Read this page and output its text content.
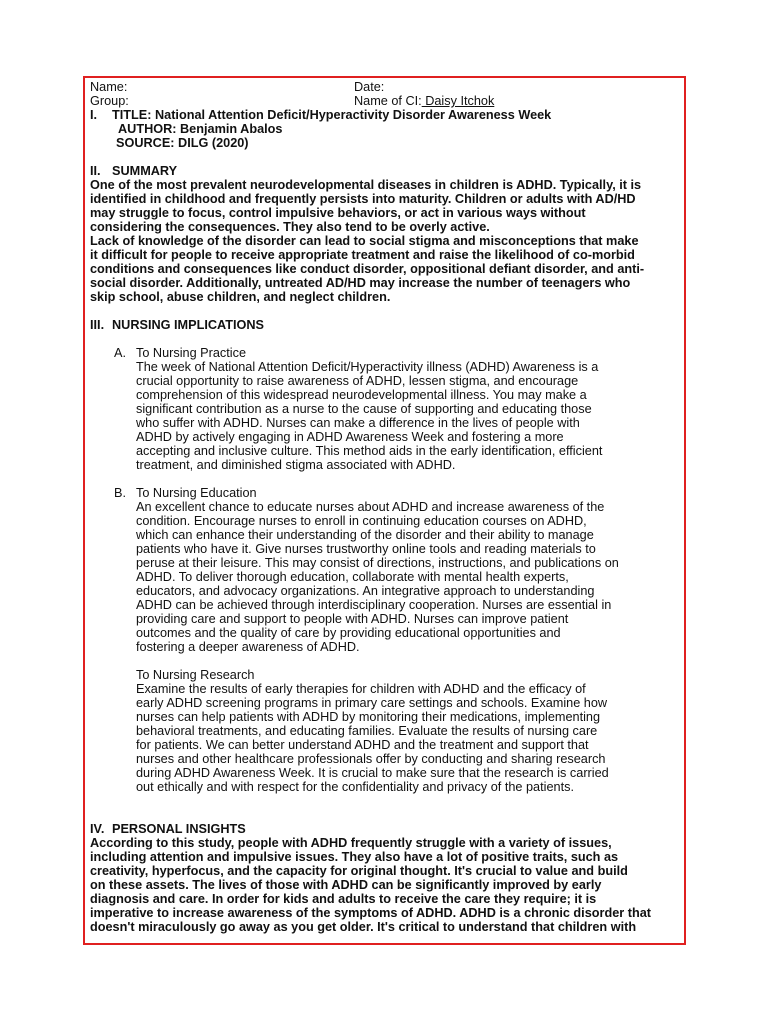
Name:	Date:
Group:	Name of CI: Daisy Itchok
I.	TITLE: National Attention Deficit/Hyperactivity Disorder Awareness Week
AUTHOR: Benjamin Abalos
SOURCE: DILG (2020)
II. SUMMARY
One of the most prevalent neurodevelopmental diseases in children is ADHD. Typically, it is
identified in childhood and frequently persists into maturity. Children or adults with AD/HD
may struggle to focus, control impulsive behaviors, or act in various ways without
considering the consequences. They also tend to be overly active.
Lack of knowledge of the disorder can lead to social stigma and misconceptions that make
it difficult for people to receive appropriate treatment and raise the likelihood of co-morbid
conditions and consequences like conduct disorder, oppositional defiant disorder, and anti-
social disorder. Additionally, untreated AD/HD may increase the number of teenagers who
skip school, abuse children, and neglect children.
III. NURSING IMPLICATIONS
A. To Nursing Practice
The week of National Attention Deficit/Hyperactivity illness (ADHD) Awareness is a
crucial opportunity to raise awareness of ADHD, lessen stigma, and encourage
comprehension of this widespread neurodevelopmental illness. You may make a
significant contribution as a nurse to the cause of supporting and educating those
who suffer with ADHD. Nurses can make a difference in the lives of people with
ADHD by actively engaging in ADHD Awareness Week and fostering a more
accepting and inclusive culture. This method aids in the early identification, efficient
treatment, and diminished stigma associated with ADHD.
B. To Nursing Education
An excellent chance to educate nurses about ADHD and increase awareness of the
condition. Encourage nurses to enroll in continuing education courses on ADHD,
which can enhance their understanding of the disorder and their ability to manage
patients who have it. Give nurses trustworthy online tools and reading materials to
peruse at their leisure. This may consist of directions, instructions, and publications on
ADHD. To deliver thorough education, collaborate with mental health experts,
educators, and advocacy organizations. An integrative approach to understanding
ADHD can be achieved through interdisciplinary cooperation. Nurses are essential in
providing care and support to people with ADHD. Nurses can improve patient
outcomes and the quality of care by providing educational opportunities and
fostering a deeper awareness of ADHD.
To Nursing Research
Examine the results of early therapies for children with ADHD and the efficacy of
early ADHD screening programs in primary care settings and schools. Examine how
nurses can help patients with ADHD by monitoring their medications, implementing
behavioral treatments, and educating families. Evaluate the results of nursing care
for patients. We can better understand ADHD and the treatment and support that
nurses and other healthcare professionals offer by conducting and sharing research
during ADHD Awareness Week. It is crucial to make sure that the research is carried
out ethically and with respect for the confidentiality and privacy of the patients.
IV. PERSONAL INSIGHTS
According to this study, people with ADHD frequently struggle with a variety of issues,
including attention and impulsive issues. They also have a lot of positive traits, such as
creativity, hyperfocus, and the capacity for original thought. It's crucial to value and build
on these assets. The lives of those with ADHD can be significantly improved by early
diagnosis and care. In order for kids and adults to receive the care they require; it is
imperative to increase awareness of the symptoms of ADHD. ADHD is a chronic disorder that
doesn't miraculously go away as you get older. It's critical to understand that children with
